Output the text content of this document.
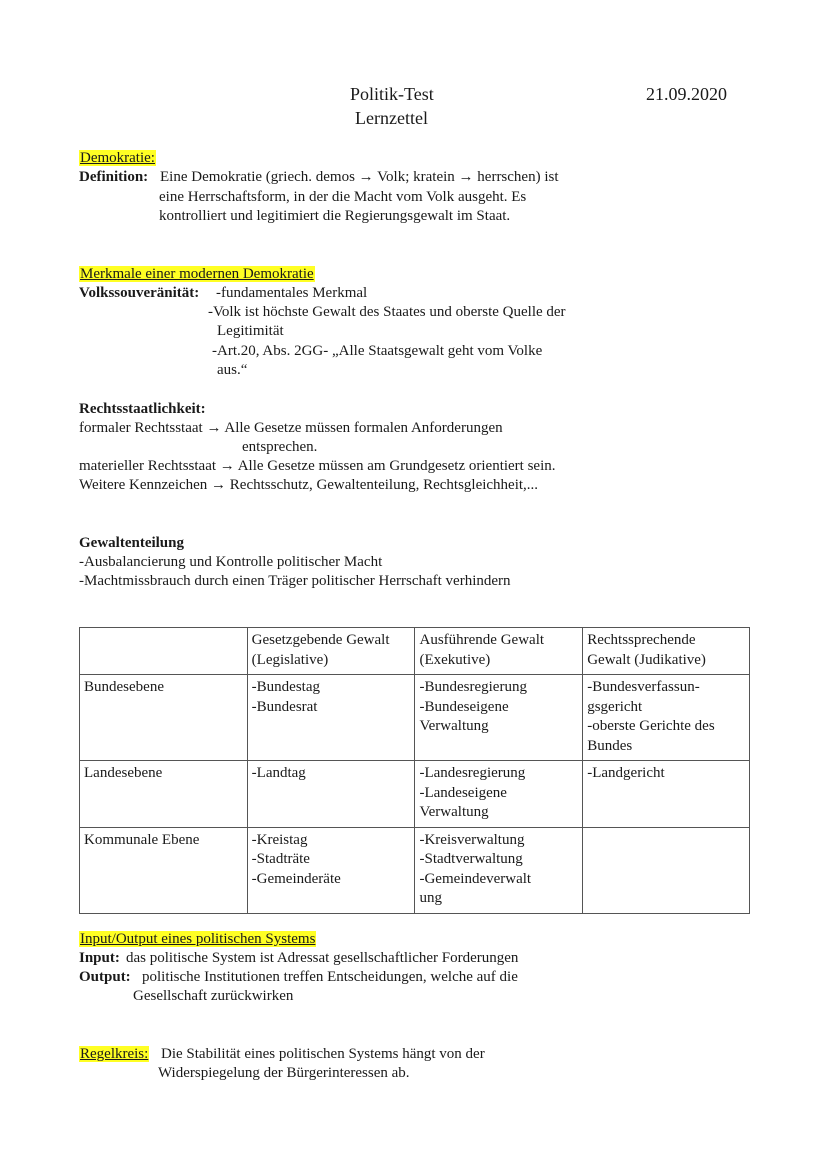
Politik-Test
Lernzettel
21.09.2020
Demokratie:
Definition: Eine Demokratie (griech. demos → Volk; kratein → herrschen) ist
eine Herrschaftsform, in der die Macht vom Volk ausgeht. Es
kontrolliert und legitimiert die Regierungsgewalt im Staat.
Merkmale einer modernen Demokratie
Volkssouveränität: -fundamentales Merkmal
-Volk ist höchste Gewalt des Staates und oberste Quelle der
Legitimität
-Art.20, Abs. 2GG- „Alle Staatsgewalt geht vom Volke
aus.“
Rechtsstaatlichkeit:
formaler Rechtsstaat → Alle Gesetze müssen formalen Anforderungen
entsprechen.
materieller Rechtsstaat → Alle Gesetze müssen am Grundgesetz orientiert sein.
Weitere Kennzeichen → Rechtsschutz, Gewaltenteilung, Rechtsgleichheit,...
Gewaltenteilung
-Ausbalancierung und Kontrolle politischer Macht
-Machtmissbrauch durch einen Träger politischer Herrschaft verhindern

	Gesetzgebende Gewalt
(Legislative)	Ausführende Gewalt
(Exekutive)	Rechtssprechende
Gewalt (Judikative)

Bundesebene	-Bundestag
-Bundesrat	-Bundesregierung
-Bundeseigene
Verwaltung	-Bundesverfassun-
gsgericht
-oberste Gerichte des
Bundes

Landesebene	-Landtag	-Landesregierung
-Landeseigene
Verwaltung	-Landgericht

Kommunale Ebene	-Kreistag
-Stadträte
-Gemeinderäte	-Kreisverwaltung
-Stadtverwaltung
-Gemeindeverwalt
ung	

Input/Output eines politischen Systems
Input: das politische System ist Adressat gesellschaftlicher Forderungen
Output: politische Institutionen treffen Entscheidungen, welche auf die
Gesellschaft zurückwirken
Regelkreis: Die Stabilität eines politischen Systems hängt von der
Widerspiegelung der Bürgerinteressen ab.
